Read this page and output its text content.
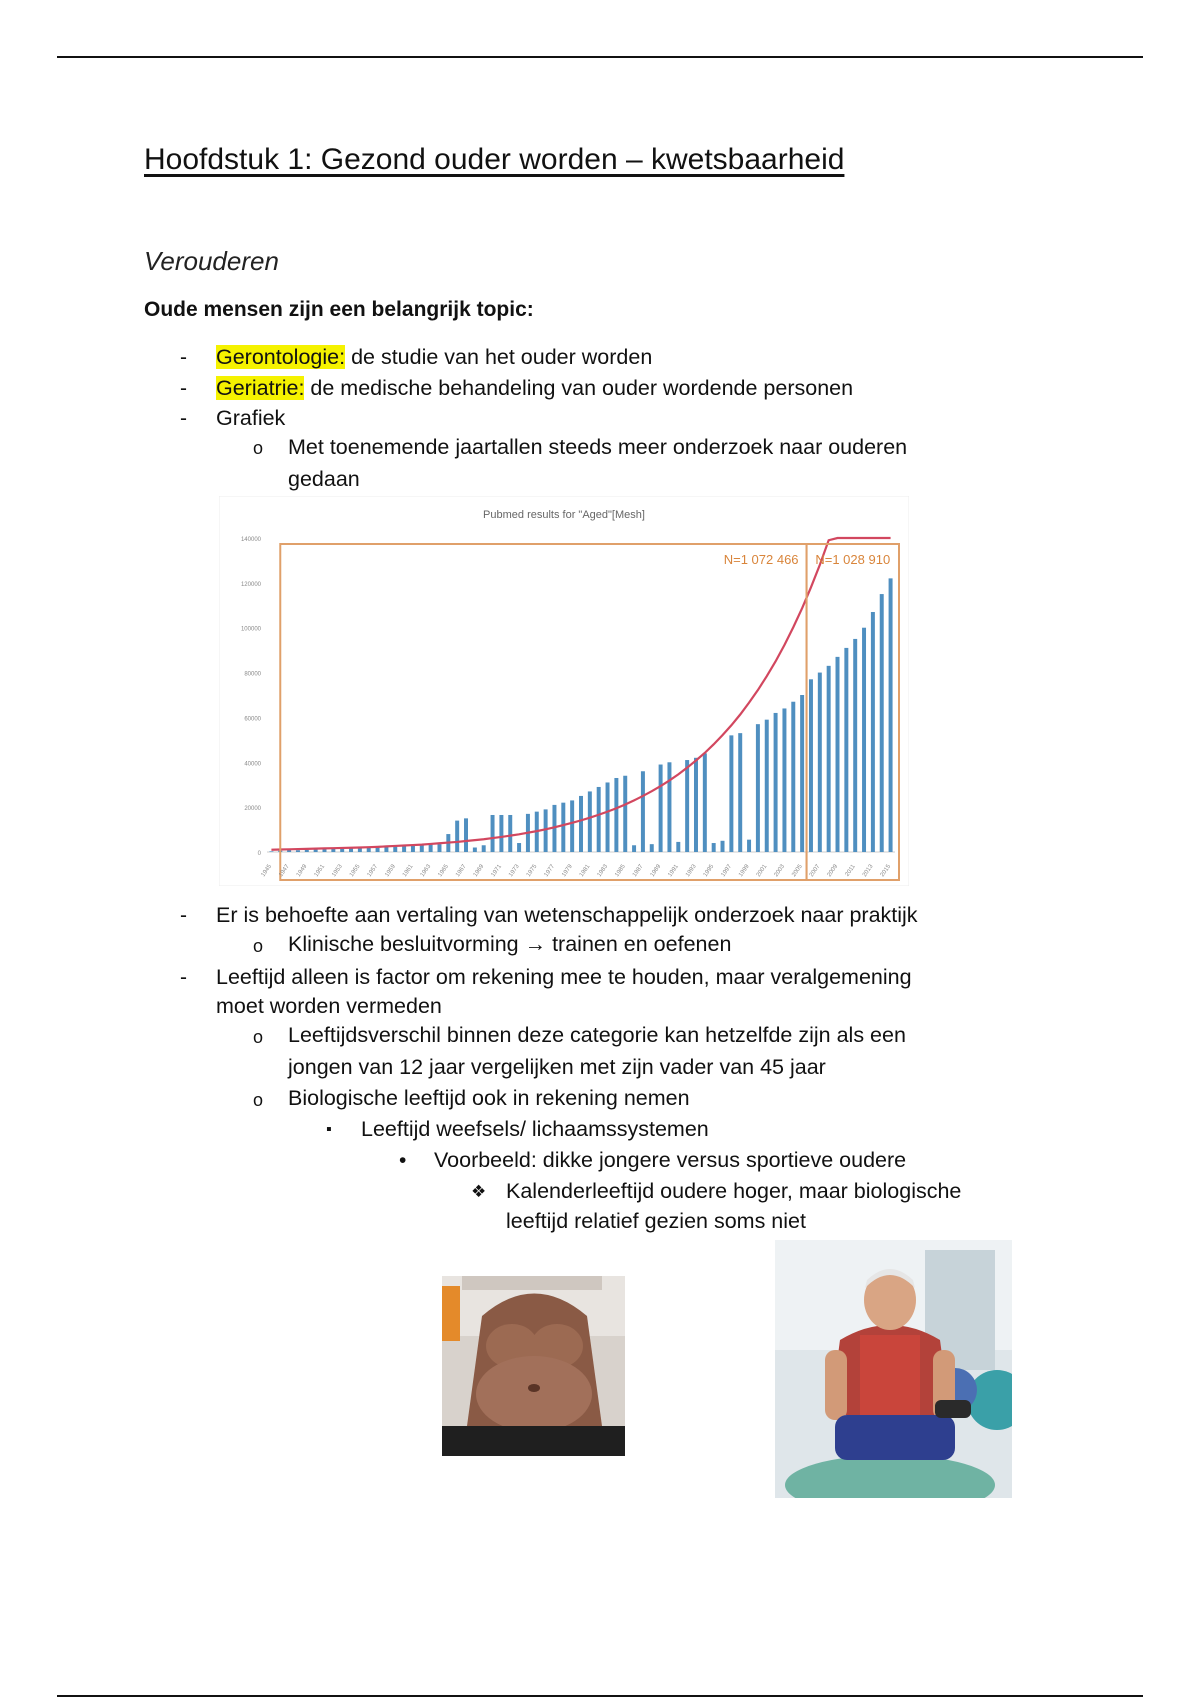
Hoofdstuk 1: Gezond ouder worden – kwetsbaarheid
Verouderen

Oude mensen zijn een belangrijk topic:

- Gerontologie: de studie van het ouder worden
- Geriatrie: de medische behandeling van ouder wordende personen
- Grafiek
o Met toenemende jaartallen steeds meer onderzoek naar ouderen
gedaan
Pubmed results for "Aged"[Mesh]
0
20000
40000
60000
80000
100000
120000
140000
N=1 072 466 N=1 028 910
1945 1947 1949 1951 1953 1955 1957 1959 1961 1963 1965 1967 1969 1971 1973 1975 1977 1979 1981 1983 1985 1987 1989 1991 1993 1995 1997 1999 2001 2003 2005 2007 2009 2011 2013 2015
- Er is behoefte aan vertaling van wetenschappelijk onderzoek naar praktijk
o Klinische besluitvorming → trainen en oefenen
- Leeftijd alleen is factor om rekening mee te houden, maar veralgemening
moet worden vermeden
o Leeftijdsverschil binnen deze categorie kan hetzelfde zijn als een
jongen van 12 jaar vergelijken met zijn vader van 45 jaar
o Biologische leeftijd ook in rekening nemen
▪ Leeftijd weefsels/ lichaamssystemen
• Voorbeeld: dikke jongere versus sportieve oudere
❖ Kalenderleeftijd oudere hoger, maar biologische
leeftijd relatief gezien soms niet
